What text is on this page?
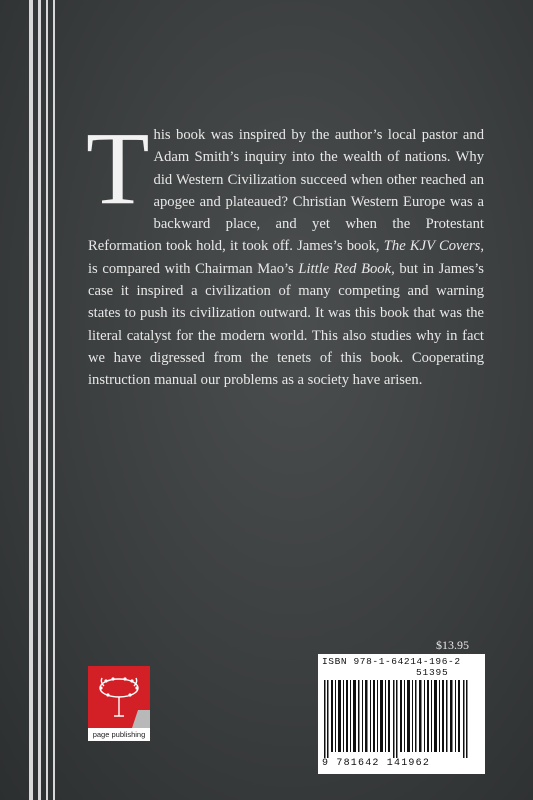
This book was inspired by the author’s local pastor and Adam Smith’s inquiry into the wealth of nations. Why did Western Civilization succeed when other reached an apogee and plateaued? Christian Western Europe was a backward place, and yet when the Protestant Reformation took hold, it took off. James’s book, The KJV Covers, is compared with Chairman Mao’s Little Red Book, but in James’s case it inspired a civilization of many competing and warning states to push its civilization outward. It was this book that was the literal catalyst for the modern world. This also studies why in fact we have digressed from the tenets of this book. Cooperating instruction manual our problems as a society have arisen.
page publishing
$13.95
ISBN 978-1-64214-196-2
51395
9 781642 141962
